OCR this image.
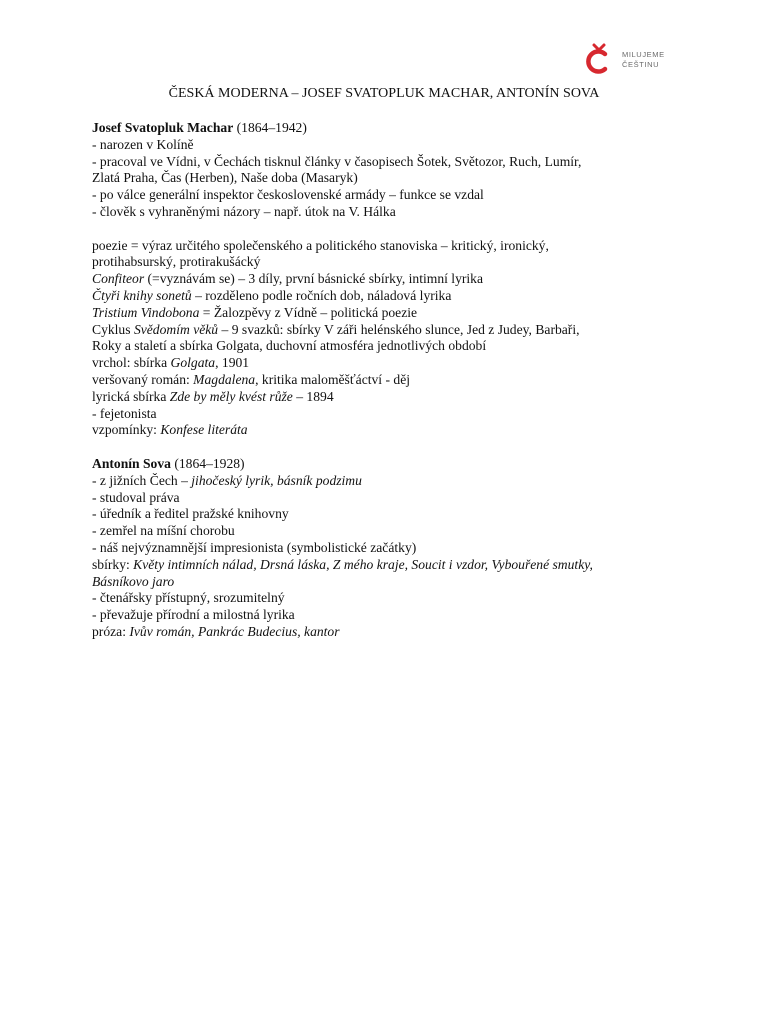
MILUJEME
ČEŠTINU
ČESKÁ MODERNA – JOSEF SVATOPLUK MACHAR, ANTONÍN SOVA
Josef Svatopluk Machar (1864–1942)
- narozen v Kolíně
- pracoval ve Vídni, v Čechách tisknul články v časopisech Šotek, Světozor, Ruch, Lumír,
Zlatá Praha, Čas (Herben), Naše doba (Masaryk)
- po válce generální inspektor československé armády – funkce se vzdal
- člověk s vyhraněnými názory – např. útok na V. Hálka
poezie = výraz určitého společenského a politického stanoviska – kritický, ironický,
protihabsurský, protirakušácký
Confiteor (=vyznávám se) – 3 díly, první básnické sbírky, intimní lyrika
Čtyři knihy sonetů – rozděleno podle ročních dob, náladová lyrika
Tristium Vindobona = Žalozpěvy z Vídně – politická poezie
Cyklus Svědomím věků – 9 svazků: sbírky V záři helénského slunce, Jed z Judey, Barbaři,
Roky a staletí a sbírka Golgata, duchovní atmosféra jednotlivých období
vrchol: sbírka Golgata, 1901
veršovaný román: Magdalena, kritika maloměšťáctví - děj
lyrická sbírka Zde by měly kvést růže – 1894
- fejetonista
vzpomínky: Konfese literáta
Antonín Sova (1864–1928)
- z jižních Čech – jihočeský lyrik, básník podzimu
- studoval práva
- úředník a ředitel pražské knihovny
- zemřel na míšní chorobu
- náš nejvýznamnější impresionista (symbolistické začátky)
sbírky: Květy intimních nálad, Drsná láska, Z mého kraje, Soucit i vzdor, Vybouřené smutky,
Básníkovo jaro
- čtenářsky přístupný, srozumitelný
- převažuje přírodní a milostná lyrika
próza: Ivův román, Pankrác Budecius, kantor
